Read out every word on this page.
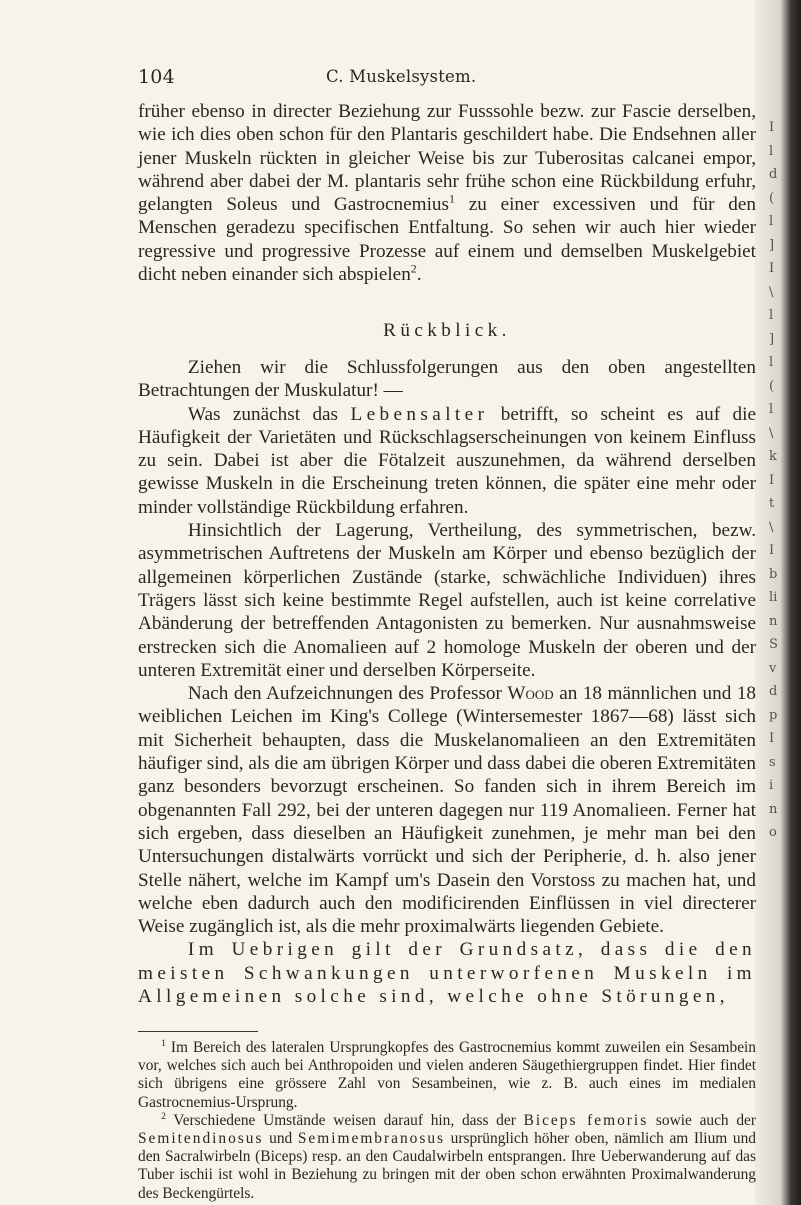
I
l
d
(
l
]
I
\
l
]
l
(
l
\
k
I
t
\
I
b
li
n
S
v
d
p
I
s
i
n
o
104	C. Muskelsystem.

früher ebenso in directer Beziehung zur Fusssohle bezw. zur Fascie derselben, wie ich dies oben schon für den Plantaris geschildert habe. Die Endsehnen aller jener Muskeln rückten in gleicher Weise bis zur Tuberositas calcanei empor, während aber dabei der M. plantaris sehr frühe schon eine Rückbildung erfuhr, gelangten Soleus und Gastrocnemius$^1$ zu einer excessiven und für den Menschen geradezu specifischen Entfaltung. So sehen wir auch hier wieder regressive und progressive Prozesse auf einem und demselben Muskelgebiet dicht neben einander sich abspielen$^2$.

Rückblick.

Ziehen wir die Schlussfolgerungen aus den oben angestellten Betrachtungen der Muskulatur! —

Was zunächst das Lebensalter betrifft, so scheint es auf die Häufigkeit der Varietäten und Rückschlagserscheinungen von keinem Einfluss zu sein. Dabei ist aber die Fötalzeit auszunehmen, da während derselben gewisse Muskeln in die Erscheinung treten können, die später eine mehr oder minder vollständige Rückbildung erfahren.

Hinsichtlich der Lagerung, Vertheilung, des symmetrischen, bezw. asymmetrischen Auftretens der Muskeln am Körper und ebenso bezüglich der allgemeinen körperlichen Zustände (starke, schwächliche Individuen) ihres Trägers lässt sich keine bestimmte Regel aufstellen, auch ist keine correlative Abänderung der betreffenden Antagonisten zu bemerken. Nur ausnahmsweise erstrecken sich die Anomalieen auf 2 homologe Muskeln der oberen und der unteren Extremität einer und derselben Körperseite.

Nach den Aufzeichnungen des Professor Wood an 18 männlichen und 18 weiblichen Leichen im King's College (Wintersemester 1867—68) lässt sich mit Sicherheit behaupten, dass die Muskelanomalieen an den Extremitäten häufiger sind, als die am übrigen Körper und dass dabei die oberen Extremitäten ganz besonders bevorzugt erscheinen. So fanden sich in ihrem Bereich im obgenannten Fall 292, bei der unteren dagegen nur 119 Anomalieen. Ferner hat sich ergeben, dass dieselben an Häufigkeit zunehmen, je mehr man bei den Untersuchungen distalwärts vorrückt und sich der Peripherie, d. h. also jener Stelle nähert, welche im Kampf um's Dasein den Vorstoss zu machen hat, und welche eben dadurch auch den modificirenden Einflüssen in viel directerer Weise zugänglich ist, als die mehr proximalwärts liegenden Gebiete.

Im Uebrigen gilt der Grundsatz, dass die den meisten Schwankungen unterworfenen Muskeln im Allgemeinen solche sind, welche ohne Störungen,

$^1$ Im Bereich des lateralen Ursprungkopfes des Gastrocnemius kommt zuweilen ein Sesambein vor, welches sich auch bei Anthropoiden und vielen anderen Säugethiergruppen findet. Hier findet sich übrigens eine grössere Zahl von Sesambeinen, wie z. B. auch eines im medialen Gastrocnemius-Ursprung.

$^2$ Verschiedene Umstände weisen darauf hin, dass der Biceps femoris sowie auch der Semitendinosus und Semimembranosus ursprünglich höher oben, nämlich am Ilium und den Sacralwirbeln (Biceps) resp. an den Caudalwirbeln entsprangen. Ihre Ueberwanderung auf das Tuber ischii ist wohl in Beziehung zu bringen mit der oben schon erwähnten Proximalwanderung des Beckengürtels.
